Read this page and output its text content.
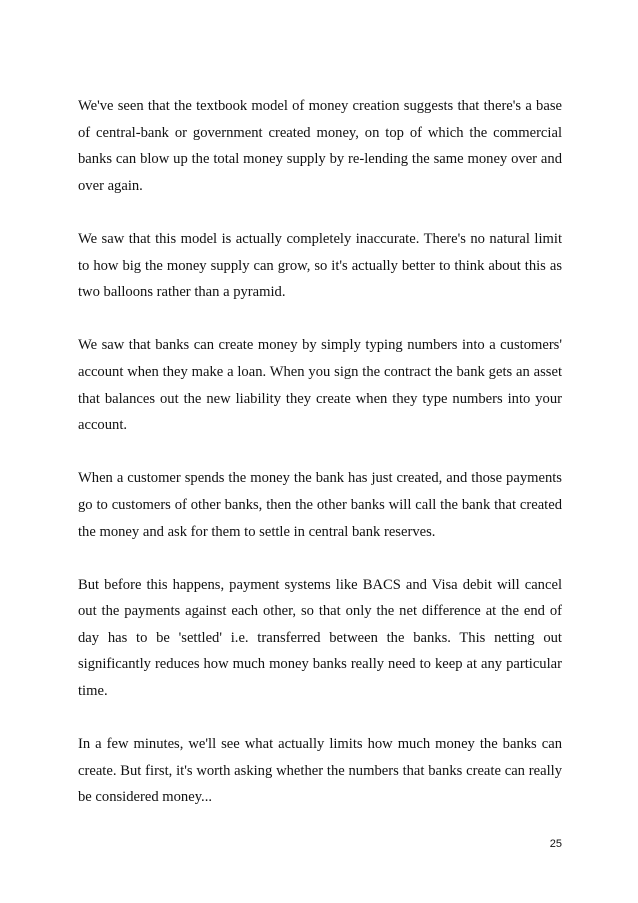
We've seen that the textbook model of money creation suggests that there's a base of central-bank or government created money, on top of which the commercial banks can blow up the total money supply by re-lending the same money over and over again.

We saw that this model is actually completely inaccurate. There's no natural limit to how big the money supply can grow, so it's actually better to think about this as two balloons rather than a pyramid.

We saw that banks can create money by simply typing numbers into a customers' account when they make a loan. When you sign the contract the bank gets an asset that balances out the new liability they create when they type numbers into your account.

When a customer spends the money the bank has just created, and those payments go to customers of other banks, then the other banks will call the bank that created the money and ask for them to settle in central bank reserves.

But before this happens, payment systems like BACS and Visa debit will cancel out the payments against each other, so that only the net difference at the end of day has to be 'settled' i.e. transferred between the banks. This netting out significantly reduces how much money banks really need to keep at any particular time.

In a few minutes, we'll see what actually limits how much money the banks can create. But first, it's worth asking whether the numbers that banks create can really be considered money...

25
